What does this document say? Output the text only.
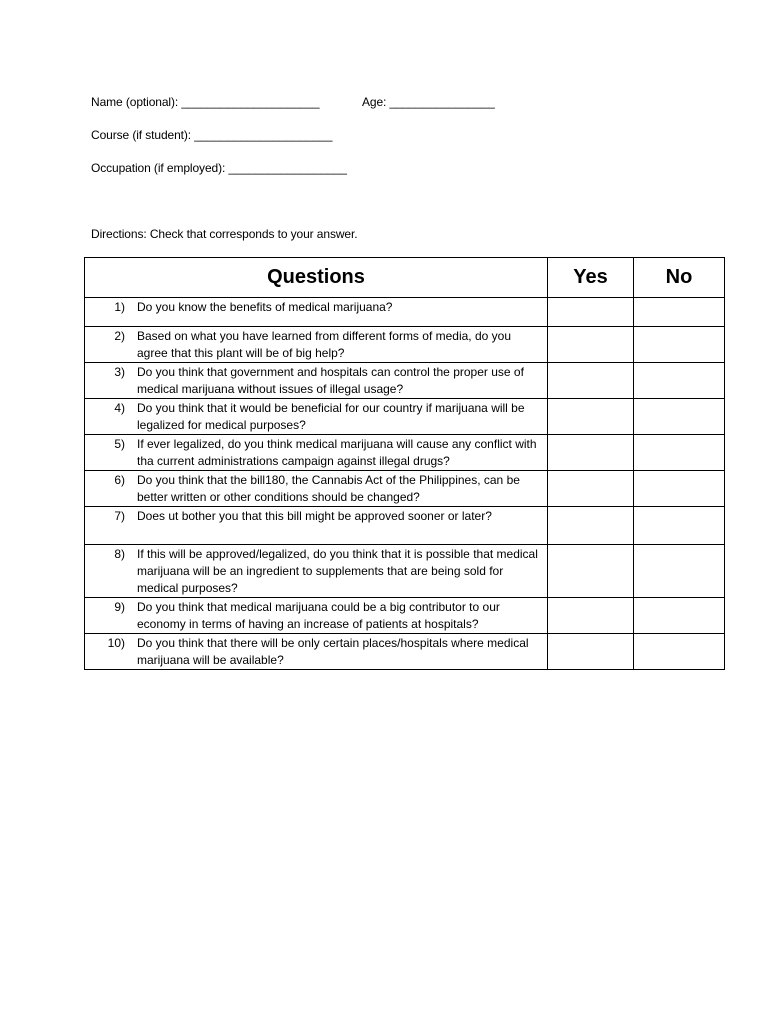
Name (optional): _____________________	Age: ________________
Course (if student): _____________________
Occupation (if employed): __________________
Directions: Check that corresponds to your answer.
Questions	Yes	No

1) Do you know the benefits of medical marijuana?		

2) Based on what you have learned from different forms of media, do you agree that this plant will be of big help?		

3) Do you think that government and hospitals can control the proper use of medical marijuana without issues of illegal usage?		

4) Do you think that it would be beneficial for our country if marijuana will be legalized for medical purposes?		

5) If ever legalized, do you think medical marijuana will cause any conflict with tha current administrations campaign against illegal drugs?		

6) Do you think that the bill180, the Cannabis Act of the Philippines, can be better written or other conditions should be changed?		

7) Does ut bother you that this bill might be approved sooner or later?		

8) If this will be approved/legalized, do you think that it is possible that medical marijuana will be an ingredient to supplements that are being sold for medical purposes?		

9) Do you think that medical marijuana could be a big contributor to our economy in terms of having an increase of patients at hospitals?		

10) Do you think that there will be only certain places/hospitals where medical marijuana will be available?		
